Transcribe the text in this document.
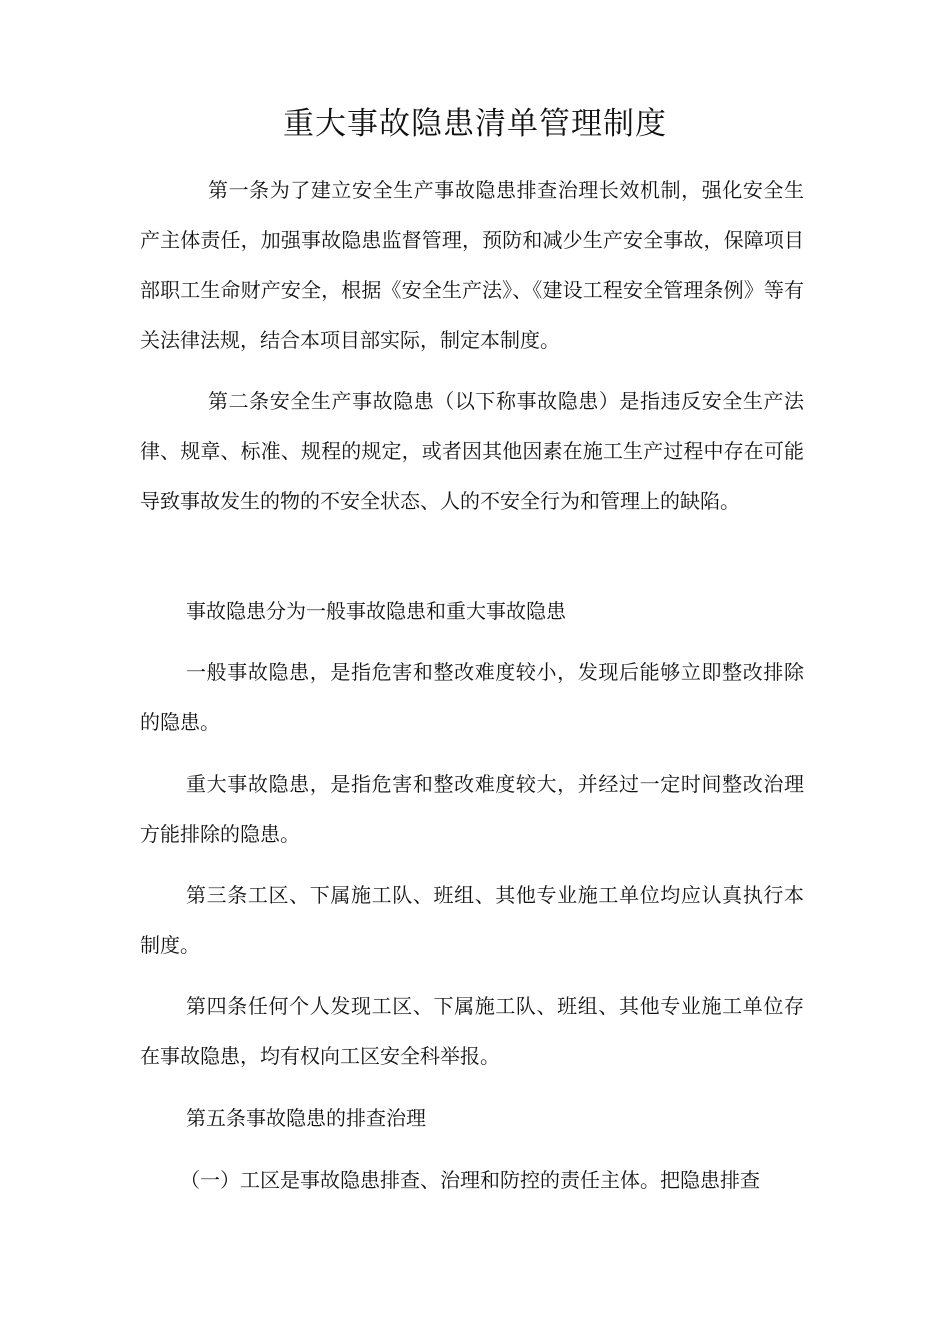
重大事故隐患清单管理制度

第一条为了建立安全生产事故隐患排查治理长效机制，强化安全生产主体责任，加强事故隐患监督管理，预防和减少生产安全事故，保障项目部职工生命财产安全，根据《安全生产法》、《建设工程安全管理条例》等有关法律法规，结合本项目部实际，制定本制度。

第二条安全生产事故隐患（以下称事故隐患）是指违反安全生产法律、规章、标准、规程的规定，或者因其他因素在施工生产过程中存在可能导致事故发生的物的不安全状态、人的不安全行为和管理上的缺陷。

事故隐患分为一般事故隐患和重大事故隐患

一般事故隐患，是指危害和整改难度较小，发现后能够立即整改排除的隐患。

重大事故隐患，是指危害和整改难度较大，并经过一定时间整改治理方能排除的隐患。

第三条工区、下属施工队、班组、其他专业施工单位均应认真执行本制度。

第四条任何个人发现工区、下属施工队、班组、其他专业施工单位存在事故隐患，均有权向工区安全科举报。

第五条事故隐患的排查治理

（一）工区是事故隐患排查、治理和防控的责任主体。把隐患排查
